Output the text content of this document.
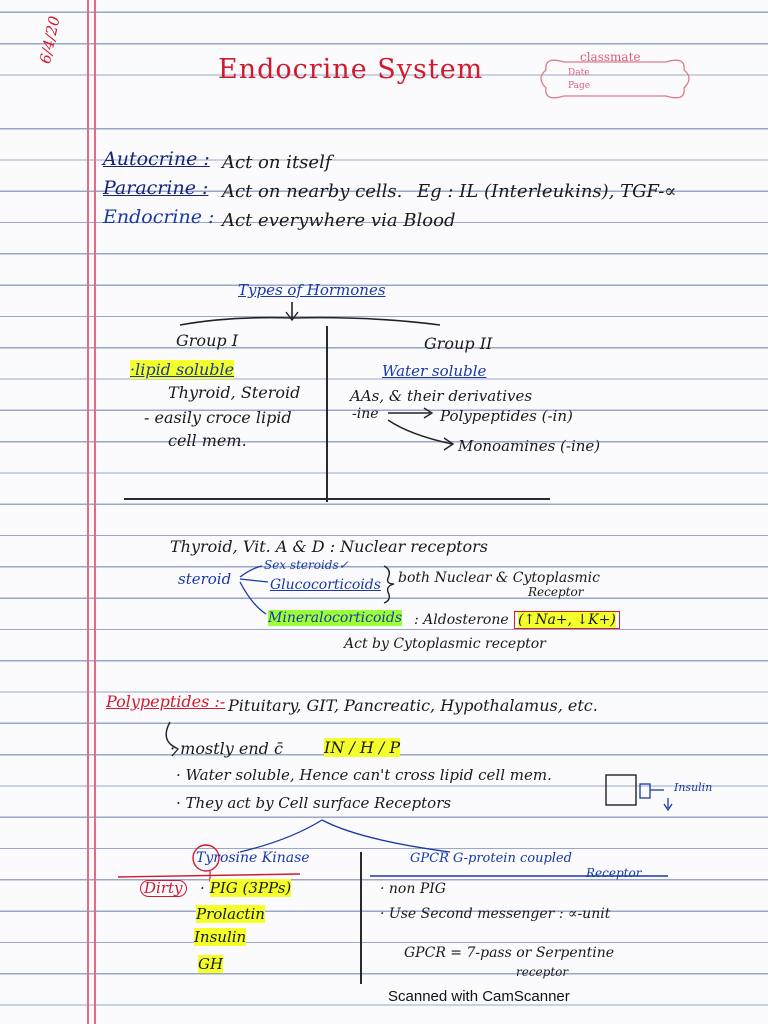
6/4/20
Endocrine System	classmate
Date
Page
Autocrine : Act on itself
Paracrine : Act on nearby cells. Eg : IL (Interleukins), TGF-∝
Endocrine : Act everywhere via Blood
Types of Hormones
Group I	Group II
·lipid soluble
Thyroid, Steroid
- easily croce lipid
cell mem.
Water soluble
AAs, & their derivatives
-ine	Polypeptides (-in)
Monoamines (-ine)
Thyroid, Vit. A & D : Nuclear receptors
steroid
Sex steroids✓
Glucocorticoids both Nuclear & Cytoplasmic
Receptor
Mineralocorticoids : Aldosterone (↑Na+, ↓K+)
Act by Cytoplasmic receptor
Polypeptides :- Pituitary, GIT, Pancreatic, Hypothalamus, etc.
· mostly end c̄	IN / H / P
· Water soluble, Hence can't cross lipid cell mem.
· They act by Cell surface Receptors
Insulin
Tyrosine Kinase
Dirty · PIG (3PPs)
Prolactin
Insulin
GH
GPCR G-protein coupled
Receptor
· non PIG
· Use Second messenger : ∝-unit
GPCR = 7-pass or Serpentine
receptor
Scanned with CamScanner
